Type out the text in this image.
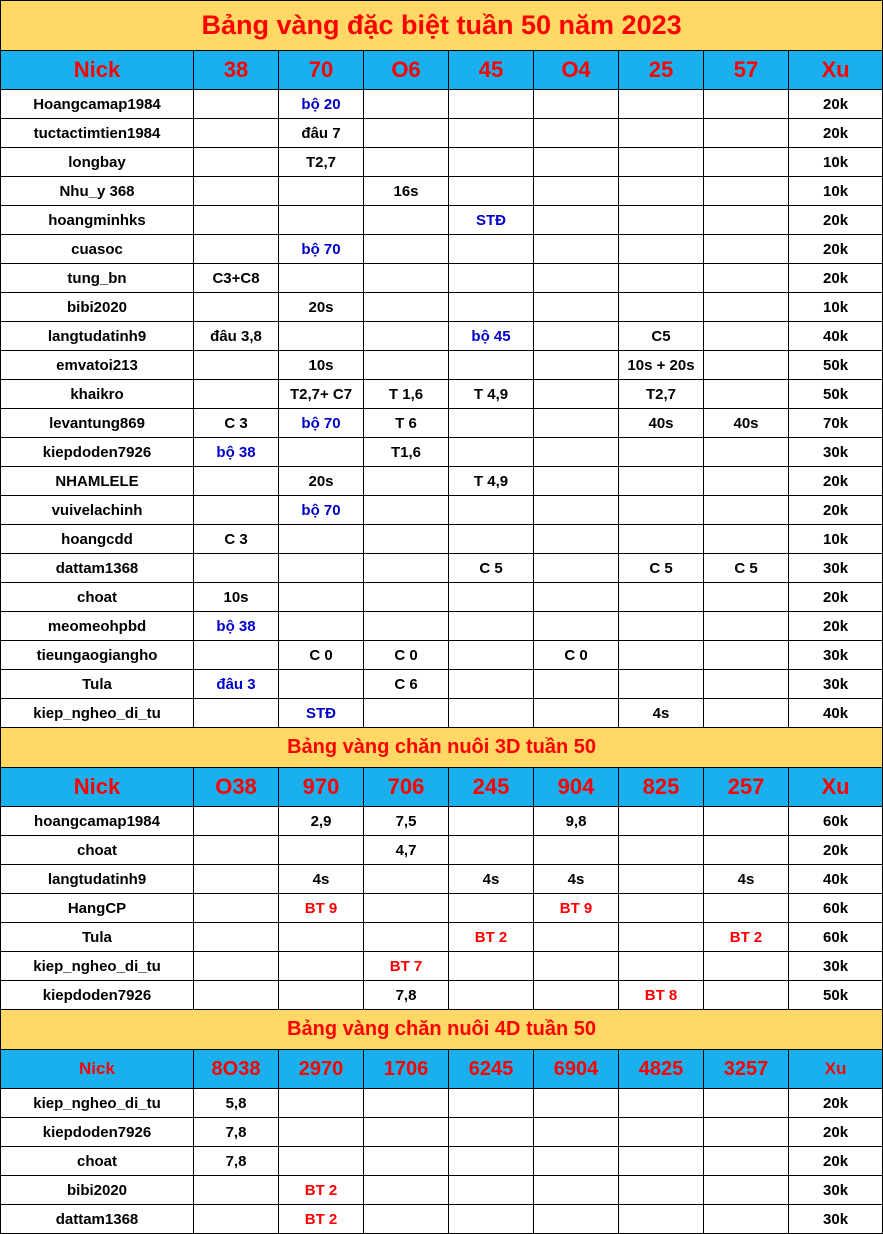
Bảng vàng đặc biệt tuần 50 năm 2023								
Nick	38	70	O6	45	O4	25	57	Xu
Hoangcamap1984		bộ 20						20k
tuctactimtien1984		đâu 7						20k
longbay		T2,7						10k
Nhu_y 368			16s					10k
hoangminhks				STĐ				20k
cuasoc		bộ 70						20k
tung_bn	C3+C8							20k
bibi2020		20s						10k
langtudatinh9	đâu 3,8			bộ 45		C5		40k
emvatoi213		10s				10s + 20s		50k
khaikro		T2,7+ C7	T 1,6	T 4,9		T2,7		50k
levantung869	C 3	bộ 70	T 6			40s	40s	70k
kiepdoden7926	bộ 38		T1,6					30k
NHAMLELE		20s		T 4,9				20k
vuivelachinh		bộ 70						20k
hoangcdd	C 3							10k
dattam1368				C 5		C 5	C 5	30k
choat	10s							20k
meomeohpbd	bộ 38							20k
tieungaogiangho		C 0	C 0		C 0			30k
Tula	đâu 3		C 6					30k
kiep_ngheo_di_tu		STĐ				4s		40k
Bảng vàng chăn nuôi 3D tuần 50								
Nick	O38	970	706	245	904	825	257	Xu
hoangcamap1984		2,9	7,5		9,8			60k
choat			4,7					20k
langtudatinh9		4s		4s	4s		4s	40k
HangCP		BT 9			BT 9			60k
Tula				BT 2			BT 2	60k
kiep_ngheo_di_tu			BT 7					30k
kiepdoden7926			7,8			BT 8		50k
Bảng vàng chăn nuôi 4D tuần 50								
Nick	8O38	2970	1706	6245	6904	4825	3257	Xu
kiep_ngheo_di_tu	5,8							20k
kiepdoden7926	7,8							20k
choat	7,8							20k
bibi2020		BT 2						30k
dattam1368		BT 2						30k
